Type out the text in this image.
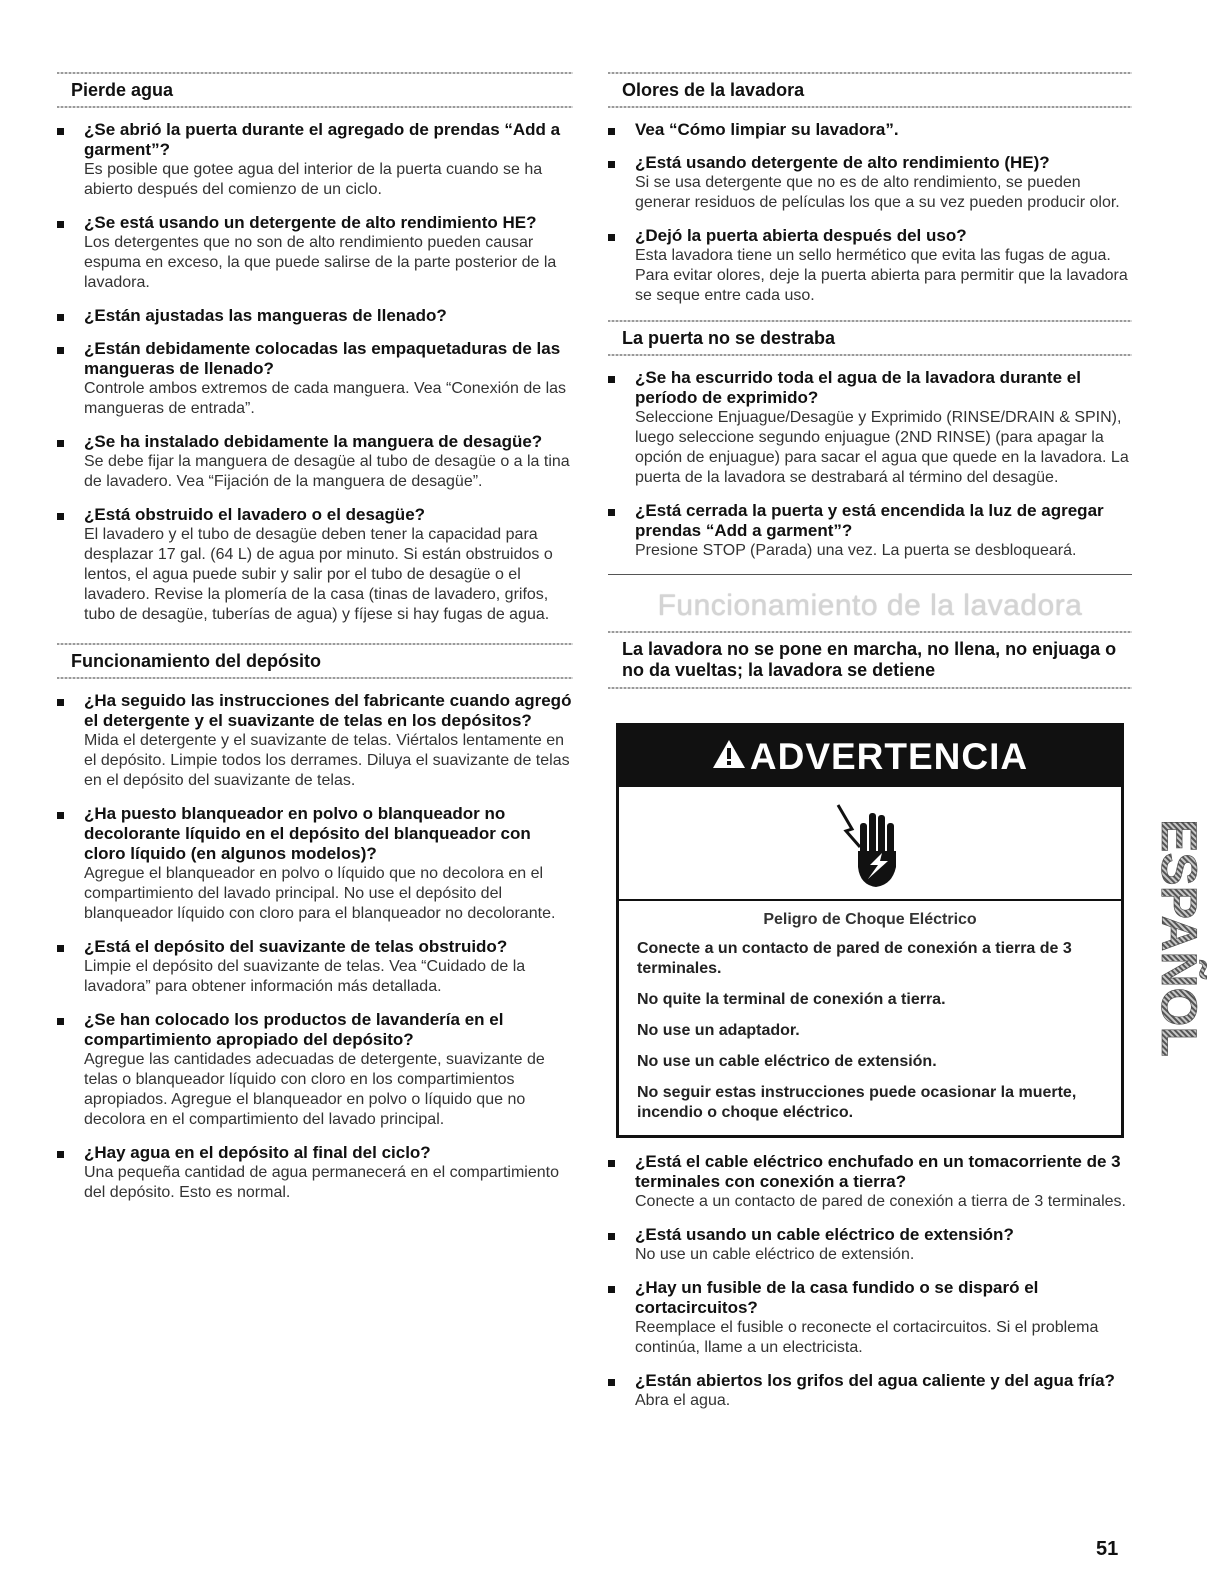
Pierde agua
¿Se abrió la puerta durante el agregado de prendas “Add a garment”?
Es posible que gotee agua del interior de la puerta cuando se ha abierto después del comienzo de un ciclo.
¿Se está usando un detergente de alto rendimiento HE?
Los detergentes que no son de alto rendimiento pueden causar espuma en exceso, la que puede salirse de la parte posterior de la lavadora.
¿Están ajustadas las mangueras de llenado?
¿Están debidamente colocadas las empaquetaduras de las mangueras de llenado?
Controle ambos extremos de cada manguera. Vea “Conexión de las mangueras de entrada”.
¿Se ha instalado debidamente la manguera de desagüe?
Se debe fijar la manguera de desagüe al tubo de desagüe o a la tina de lavadero. Vea “Fijación de la manguera de desagüe”.
¿Está obstruido el lavadero o el desagüe?
El lavadero y el tubo de desagüe deben tener la capacidad para desplazar 17 gal. (64 L) de agua por minuto. Si están obstruidos o lentos, el agua puede subir y salir por el tubo de desagüe o el lavadero. Revise la plomería de la casa (tinas de lavadero, grifos, tubo de desagüe, tuberías de agua) y fíjese si hay fugas de agua.
Funcionamiento del depósito
¿Ha seguido las instrucciones del fabricante cuando agregó el detergente y el suavizante de telas en los depósitos?
Mida el detergente y el suavizante de telas. Viértalos lentamente en el depósito. Limpie todos los derrames. Diluya el suavizante de telas en el depósito del suavizante de telas.
¿Ha puesto blanqueador en polvo o blanqueador no decolorante líquido en el depósito del blanqueador con cloro líquido (en algunos modelos)?
Agregue el blanqueador en polvo o líquido que no decolora en el compartimiento del lavado principal. No use el depósito del blanqueador líquido con cloro para el blanqueador no decolorante.
¿Está el depósito del suavizante de telas obstruido?
Limpie el depósito del suavizante de telas. Vea “Cuidado de la lavadora” para obtener información más detallada.
¿Se han colocado los productos de lavandería en el compartimiento apropiado del depósito?
Agregue las cantidades adecuadas de detergente, suavizante de telas o blanqueador líquido con cloro en los compartimientos apropiados. Agregue el blanqueador en polvo o líquido que no decolora en el compartimiento del lavado principal.
¿Hay agua en el depósito al final del ciclo?
Una pequeña cantidad de agua permanecerá en el compartimiento del depósito. Esto es normal.
Olores de la lavadora
Vea “Cómo limpiar su lavadora”.
¿Está usando detergente de alto rendimiento (HE)?
Si se usa detergente que no es de alto rendimiento, se pueden generar residuos de películas los que a su vez pueden producir olor.
¿Dejó la puerta abierta después del uso?
Esta lavadora tiene un sello hermético que evita las fugas de agua. Para evitar olores, deje la puerta abierta para permitir que la lavadora se seque entre cada uso.
La puerta no se destraba
¿Se ha escurrido toda el agua de la lavadora durante el período de exprimido?
Seleccione Enjuague/Desagüe y Exprimido (RINSE/DRAIN & SPIN), luego seleccione segundo enjuague (2ND RINSE) (para apagar la opción de enjuague) para sacar el agua que quede en la lavadora. La puerta de la lavadora se destrabará al término del desagüe.
¿Está cerrada la puerta y está encendida la luz de agregar prendas “Add a garment”?
Presione STOP (Parada) una vez. La puerta se desbloqueará.
Funcionamiento de la lavadora
La lavadora no se pone en marcha, no llena, no enjuaga o no da vueltas; la lavadora se detiene
ADVERTENCIA
Peligro de Choque Eléctrico
Conecte a un contacto de pared de conexión a tierra de 3 terminales.
No quite la terminal de conexión a tierra.
No use un adaptador.
No use un cable eléctrico de extensión.
No seguir estas instrucciones puede ocasionar la muerte, incendio o choque eléctrico.
¿Está el cable eléctrico enchufado en un tomacorriente de 3 terminales con conexión a tierra?
Conecte a un contacto de pared de conexión a tierra de 3 terminales.
¿Está usando un cable eléctrico de extensión?
No use un cable eléctrico de extensión.
¿Hay un fusible de la casa fundido o se disparó el cortacircuitos?
Reemplace el fusible o reconecte el cortacircuitos. Si el problema continúa, llame a un electricista.
¿Están abiertos los grifos del agua caliente y del agua fría?
Abra el agua.
ESPAÑOL
51
